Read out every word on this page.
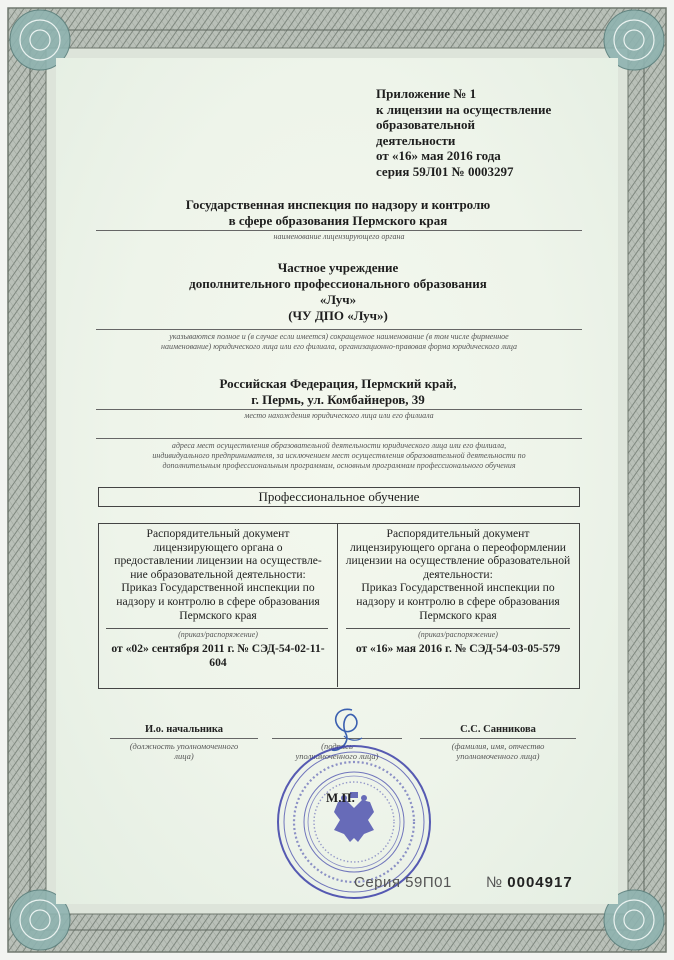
Приложение № 1
к лицензии на осуществление
образовательной
деятельности
от «16» мая 2016 года
серия 59Л01 № 0003297
Государственная инспекция по надзору и контролю
в сфере образования Пермского края
наименование лицензирующего органа
Частное учреждение
дополнительного профессионального образования
«Луч»
(ЧУ ДПО «Луч»)
указываются полное и (в случае если имеется) сокращенное наименование (в том числе фирменное
наименование) юридического лица или его филиала, организационно-правовая форма юридического лица
Российская Федерация, Пермский край,
г. Пермь, ул. Комбайнеров, 39
место нахождения юридического лица или его филиала
адреса мест осуществления образовательной деятельности юридического лица или его филиала,
индивидуального предпринимателя, за исключением мест осуществления образовательной деятельности по
дополнительным профессиональным программам, основным программам профессионального обучения
Профессиональное обучение
Распорядительный документ
лицензирующего органа о
предоставлении лицензии на осуществле-
ние образовательной деятельности:
Приказ Государственной инспекции по
надзору и контролю в сфере образования
Пермского края
(приказ/распоряжение)
от «02» сентября 2011 г. № СЭД-54-02-11-
604
Распорядительный документ
лицензирующего органа о переоформлении
лицензии на осуществление образовательной
деятельности:
Приказ Государственной инспекции по
надзору и контролю в сфере образования
Пермского края
(приказ/распоряжение)
от «16» мая 2016 г. № СЭД-54-03-05-579
И.о. начальника
(должность уполномоченного
лица)
(подпись
уполномоченного лица)
С.С. Санникова
(фамилия, имя, отчество
уполномоченного лица)
М.П.
Серия 59П01 № 0004917
